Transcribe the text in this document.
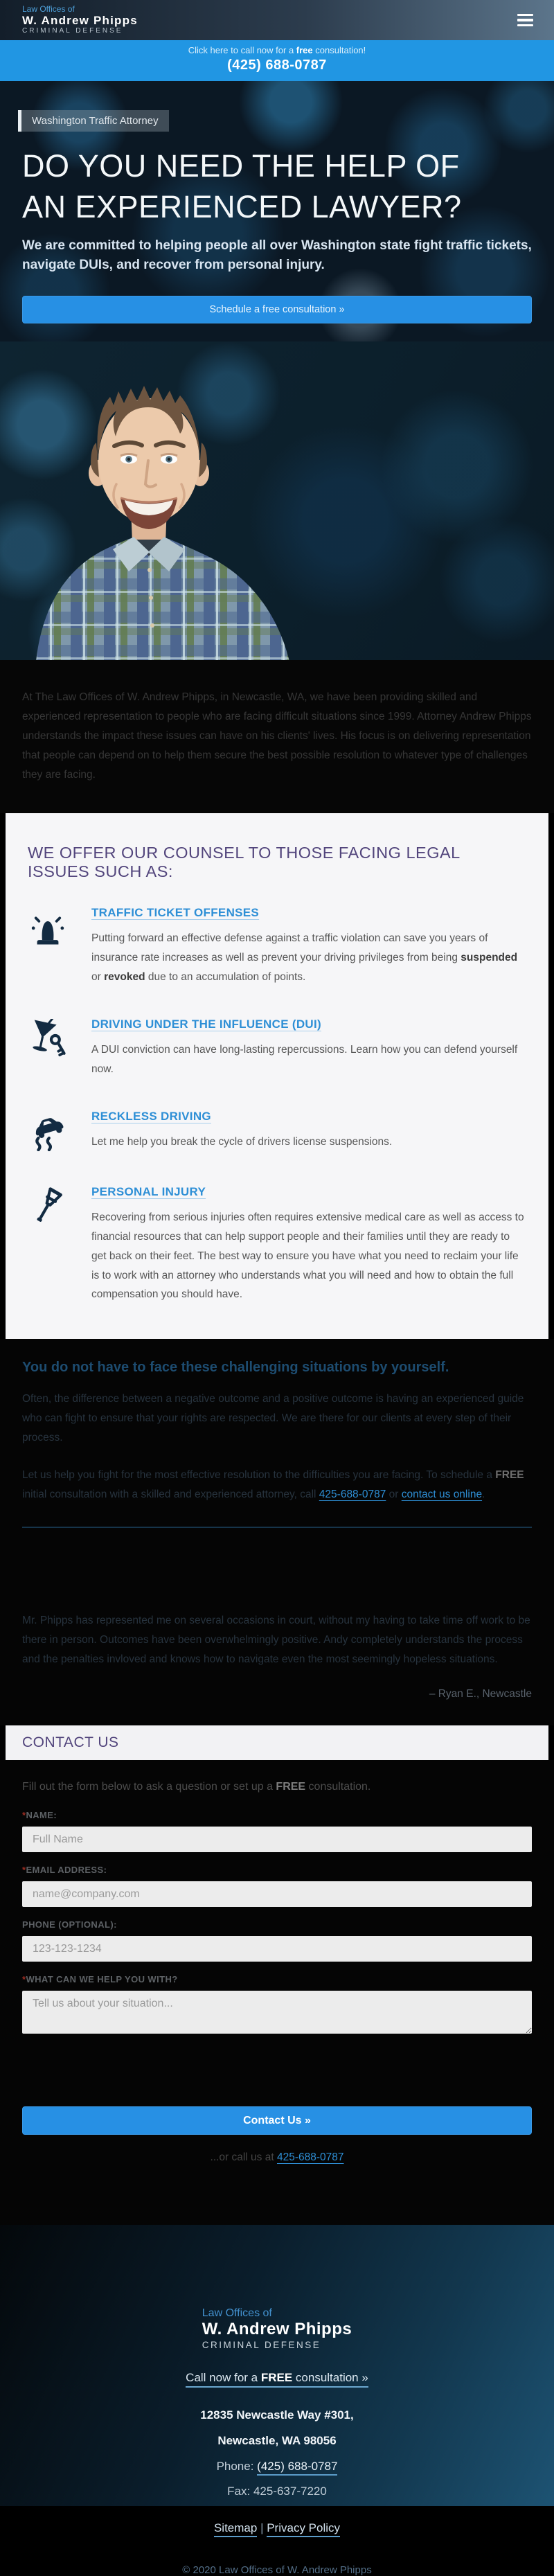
Law Offices of
W. Andrew Phipps
CRIMINAL DEFENSE
Click here to call now for a free consultation!
(425) 688-0787
Washington Traffic Attorney
DO YOU NEED THE HELP OF
AN EXPERIENCED LAWYER?
We are committed to helping people all over Washington state fight traffic tickets, navigate DUIs, and recover from personal injury.
Schedule a free consultation »

At The Law Offices of W. Andrew Phipps, in Newcastle, WA, we have been providing skilled and experienced representation to people who are facing difficult situations since 1999. Attorney Andrew Phipps understands the impact these issues can have on his clients' lives. His focus is on delivering representation that people can depend on to help them secure the best possible resolution to whatever type of challenges they are facing.

WE OFFER OUR COUNSEL TO THOSE FACING LEGAL ISSUES SUCH AS:
TRAFFIC TICKET OFFENSES
Putting forward an effective defense against a traffic violation can save you years of insurance rate increases as well as prevent your driving privileges from being suspended or revoked due to an accumulation of points.
DRIVING UNDER THE INFLUENCE (DUI)
A DUI conviction can have long-lasting repercussions. Learn how you can defend yourself now.
RECKLESS DRIVING
Let me help you break the cycle of drivers license suspensions.
PERSONAL INJURY
Recovering from serious injuries often requires extensive medical care as well as access to financial resources that can help support people and their families until they are ready to get back on their feet. The best way to ensure you have what you need to reclaim your life is to work with an attorney who understands what you will need and how to obtain the full compensation you should have.
You do not have to face these challenging situations by yourself.

Often, the difference between a negative outcome and a positive outcome is having an experienced guide who can fight to ensure that your rights are respected. We are there for our clients at every step of their process.

Let us help you fight for the most effective resolution to the difficulties you are facing. To schedule a FREE initial consultation with a skilled and experienced attorney, call 425-688-0787 or contact us online.

Mr. Phipps has represented me on several occasions in court, without my having to take time off work to be there in person. Outcomes have been overwhelmingly positive. Andy completely understands the process and the penalties invloved and knows how to navigate even the most seemingly hopeless situations.

– Ryan E., Newcastle
CONTACT US

Fill out the form below to ask a question or set up a FREE consultation.

*NAME:
Full Name
*EMAIL ADDRESS:
name@company.com
PHONE (OPTIONAL):
123-123-1234
*WHAT CAN WE HELP YOU WITH?
Tell us about your situation...
Contact Us »
...or call us at 425-688-0787
Law Offices of
W. Andrew Phipps
CRIMINAL DEFENSE
Call now for a FREE consultation »
12835 Newcastle Way #301,
Newcastle, WA 98056
Phone: (425) 688-0787
Fax: 425-637-7220
Sitemap | Privacy Policy
© 2020 Law Offices of W. Andrew Phipps
